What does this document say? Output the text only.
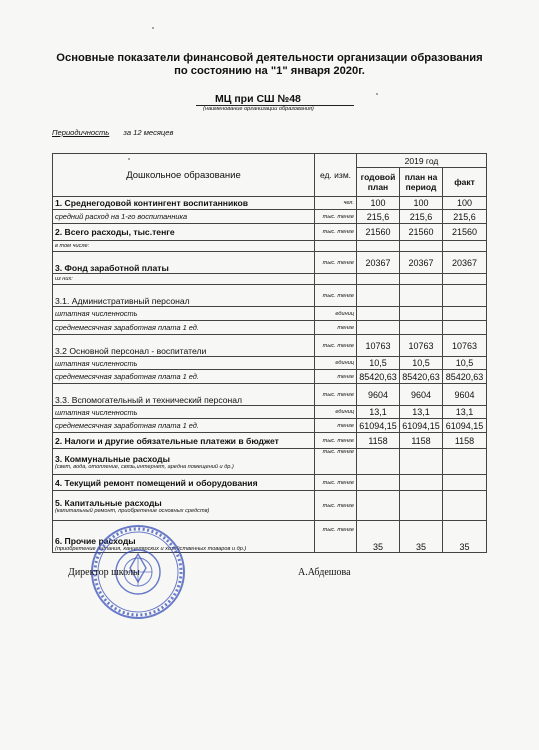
Основные показатели финансовой деятельности организации образования
по состоянию на "1" января 2020г.
МЦ при СШ №48
(наименование организации образования)
Периодичность за 12 месяцев
Дошкольное образование	ед. изм.	2019 год		
		годовой план	план на период	факт
1. Среднегодовой контингент воспитанников	чел.	100	100	100
средний расход на 1-го воспитанника	тыс. тенге	215,6	215,6	215,6
2. Всего расходы, тыс.тенге	тыс. тенге	21560	21560	21560
в том числе:				
3. Фонд заработной платы	тыс. тенге	20367	20367	20367
из них:				
3.1. Административный персонал	тыс. тенге			
штатная численность	единиц			
среднемесячная заработная плата 1 ед.	тенге			
3.2 Основной персонал - воспитатели	тыс. тенге	10763	10763	10763
штатная численность	единиц	10,5	10,5	10,5
среднемесячная заработная плата 1 ед.	тенге	85420,63	85420,63	85420,63
3.3. Вспомогательный и технический персонал	тыс. тенге	9604	9604	9604
штатная численность	единиц	13,1	13,1	13,1
среднемесячная заработная плата 1 ед.	тенге	61094,15	61094,15	61094,15
2. Налоги и другие обязательные платежи в бюджет	тыс. тенге	1158	1158	1158
3. Коммунальные расходы
(свет, вода, отопление, связь,интернет, аредна помещений и др.)	тыс. тенге			
4. Текущий ремонт помещений и оборудования	тыс. тенге			
5. Капитальные расходы
(капитальный ремонт, приобретение основных средств)	тыс. тенге			
6. Прочие расходы
(приобретение питания, канцелярских и хозяйственных товаров и др.)	тыс. тенге	35	35	35
Директор школы	А.Абдешова
